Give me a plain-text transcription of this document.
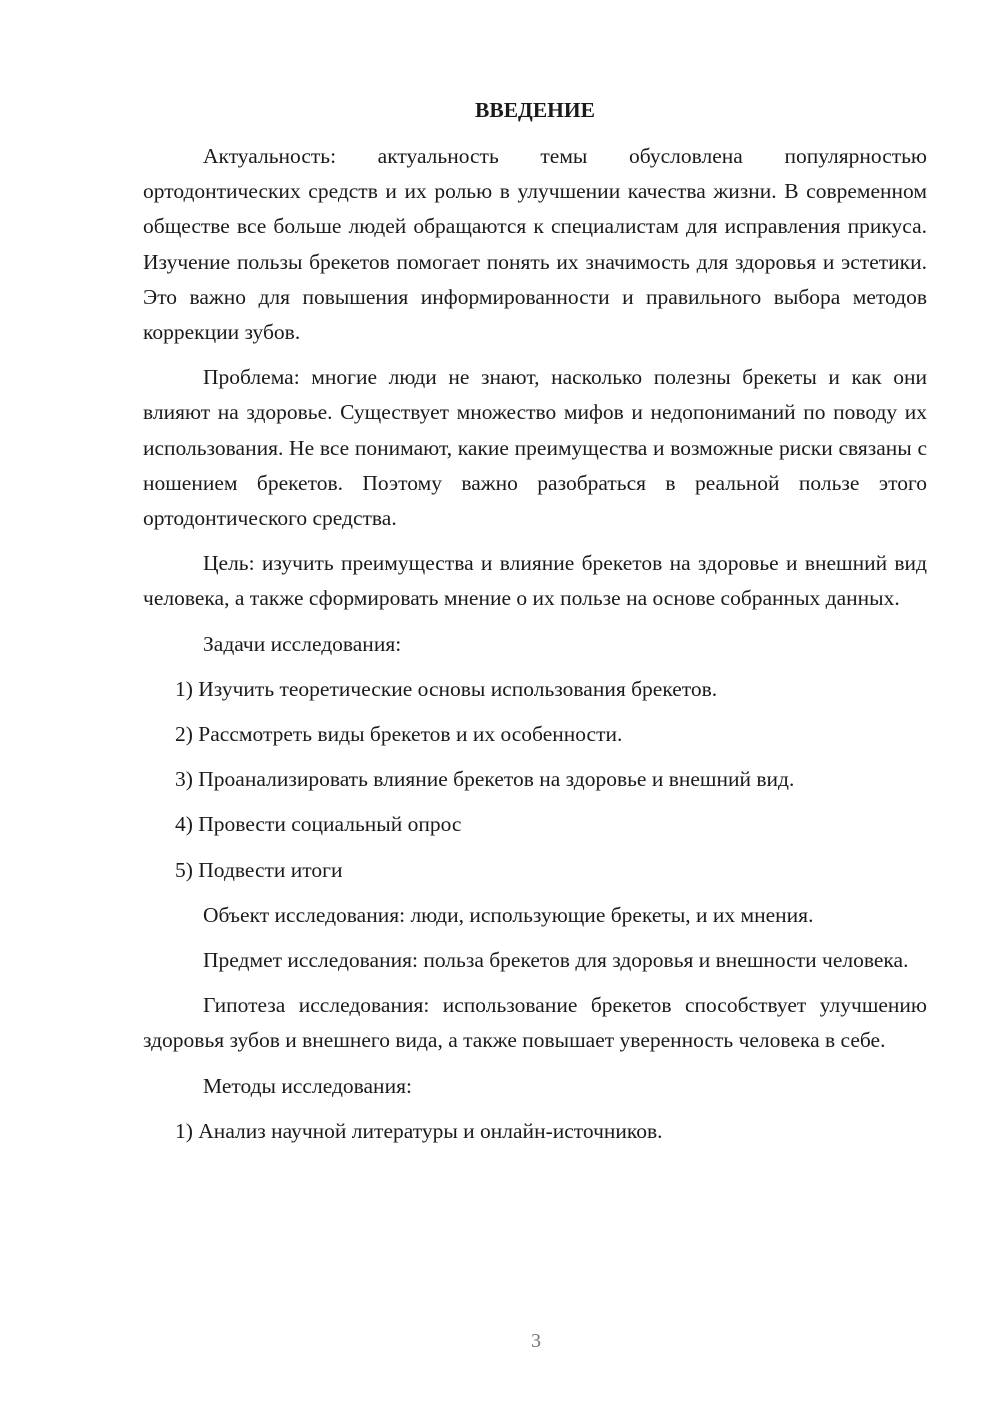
ВВЕДЕНИЕ

Актуальность: актуальность темы обусловлена популярностью ортодонтических средств и их ролью в улучшении качества жизни. В современном обществе все больше людей обращаются к специалистам для исправления прикуса. Изучение пользы брекетов помогает понять их значимость для здоровья и эстетики. Это важно для повышения информированности и правильного выбора методов коррекции зубов.

Проблема: многие люди не знают, насколько полезны брекеты и как они влияют на здоровье. Существует множество мифов и недопониманий по поводу их использования. Не все понимают, какие преимущества и возможные риски связаны с ношением брекетов. Поэтому важно разобраться в реальной пользе этого ортодонтического средства.

Цель: изучить преимущества и влияние брекетов на здоровье и внешний вид человека, а также сформировать мнение о их пользе на основе собранных данных.

Задачи исследования:

1) Изучить теоретические основы использования брекетов.

2) Рассмотреть виды брекетов и их особенности.

3) Проанализировать влияние брекетов на здоровье и внешний вид.

4) Провести социальный опрос

5) Подвести итоги

Объект исследования: люди, использующие брекеты, и их мнения.

Предмет исследования: польза брекетов для здоровья и внешности человека.

Гипотеза исследования: использование брекетов способствует улучшению здоровья зубов и внешнего вида, а также повышает уверенность человека в себе.

Методы исследования:

1) Анализ научной литературы и онлайн-источников.

3
